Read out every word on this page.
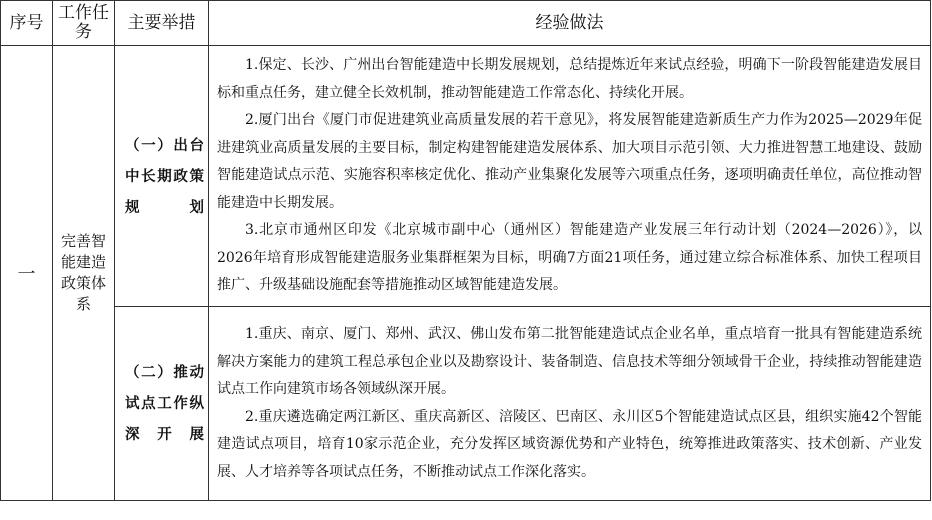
序号	工作任务	主要举措	经验做法
一	完善智能建造政策体系	（一）出台中长期政策规划	1.保定、长沙、广州出台智能建造中长期发展规划，总结提炼近年来试点经验，明确下一阶段智能建造发展目标和重点任务，建立健全长效机制，推动智能建造工作常态化、持续化开展。

2.厦门出台《厦门市促进建筑业高质量发展的若干意见》，将发展智能建造新质生产力作为2025—2029年促进建筑业高质量发展的主要目标，制定构建智能建造发展体系、加大项目示范引领、大力推进智慧工地建设、鼓励智能建造试点示范、实施容积率核定优化、推动产业集聚化发展等六项重点任务，逐项明确责任单位，高位推动智能建造中长期发展。

3.北京市通州区印发《北京城市副中心（通州区）智能建造产业发展三年行动计划（2024—2026）》，以2026年培育形成智能建造服务业集群框架为目标，明确7方面21项任务，通过建立综合标准体系、加快工程项目推广、升级基础设施配套等措施推动区域智能建造发展。

		（二）推动试点工作纵深开展	1.重庆、南京、厦门、郑州、武汉、佛山发布第二批智能建造试点企业名单，重点培育一批具有智能建造系统解决方案能力的建筑工程总承包企业以及勘察设计、装备制造、信息技术等细分领域骨干企业，持续推动智能建造试点工作向建筑市场各领域纵深开展。

2.重庆遴选确定两江新区、重庆高新区、涪陵区、巴南区、永川区5个智能建造试点区县，组织实施42个智能建造试点项目，培育10家示范企业，充分发挥区域资源优势和产业特色，统筹推进政策落实、技术创新、产业发展、人才培养等各项试点任务，不断推动试点工作深化落实。
